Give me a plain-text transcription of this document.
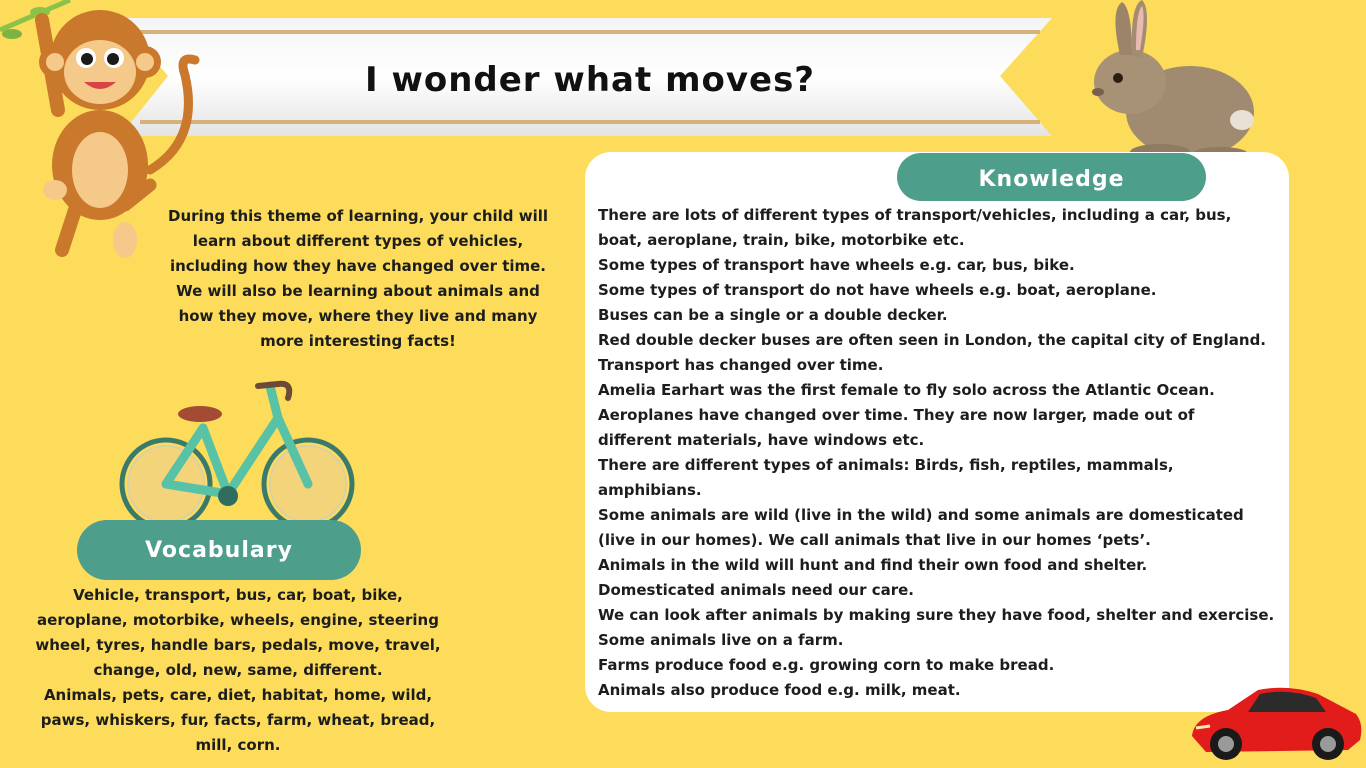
I wonder what moves?
During this theme of learning, your child will
learn about different types of vehicles,
including how they have changed over time.
We will also be learning about animals and
how they move, where they live and many
more interesting facts!
Vocabulary
Vehicle, transport, bus, car, boat, bike,
aeroplane, motorbike, wheels, engine, steering
wheel, tyres, handle bars, pedals, move, travel,
change, old, new, same, different.
Animals, pets, care, diet, habitat, home, wild,
paws, whiskers, fur, facts, farm, wheat, bread,
mill, corn.
Knowledge
There are lots of different types of transport/vehicles, including a car, bus,
boat, aeroplane, train, bike, motorbike etc.
Some types of transport have wheels e.g. car, bus, bike.
Some types of transport do not have wheels e.g. boat, aeroplane.
Buses can be a single or a double decker.
Red double decker buses are often seen in London, the capital city of England.
Transport has changed over time.
Amelia Earhart was the first female to fly solo across the Atlantic Ocean.
Aeroplanes have changed over time. They are now larger, made out of
different materials, have windows etc.
There are different types of animals: Birds, fish, reptiles, mammals,
amphibians.
Some animals are wild (live in the wild) and some animals are domesticated
(live in our homes). We call animals that live in our homes ‘pets’.
Animals in the wild will hunt and find their own food and shelter.
Domesticated animals need our care.
We can look after animals by making sure they have food, shelter and exercise.
Some animals live on a farm.
Farms produce food e.g. growing corn to make bread.
Animals also produce food e.g. milk, meat.
